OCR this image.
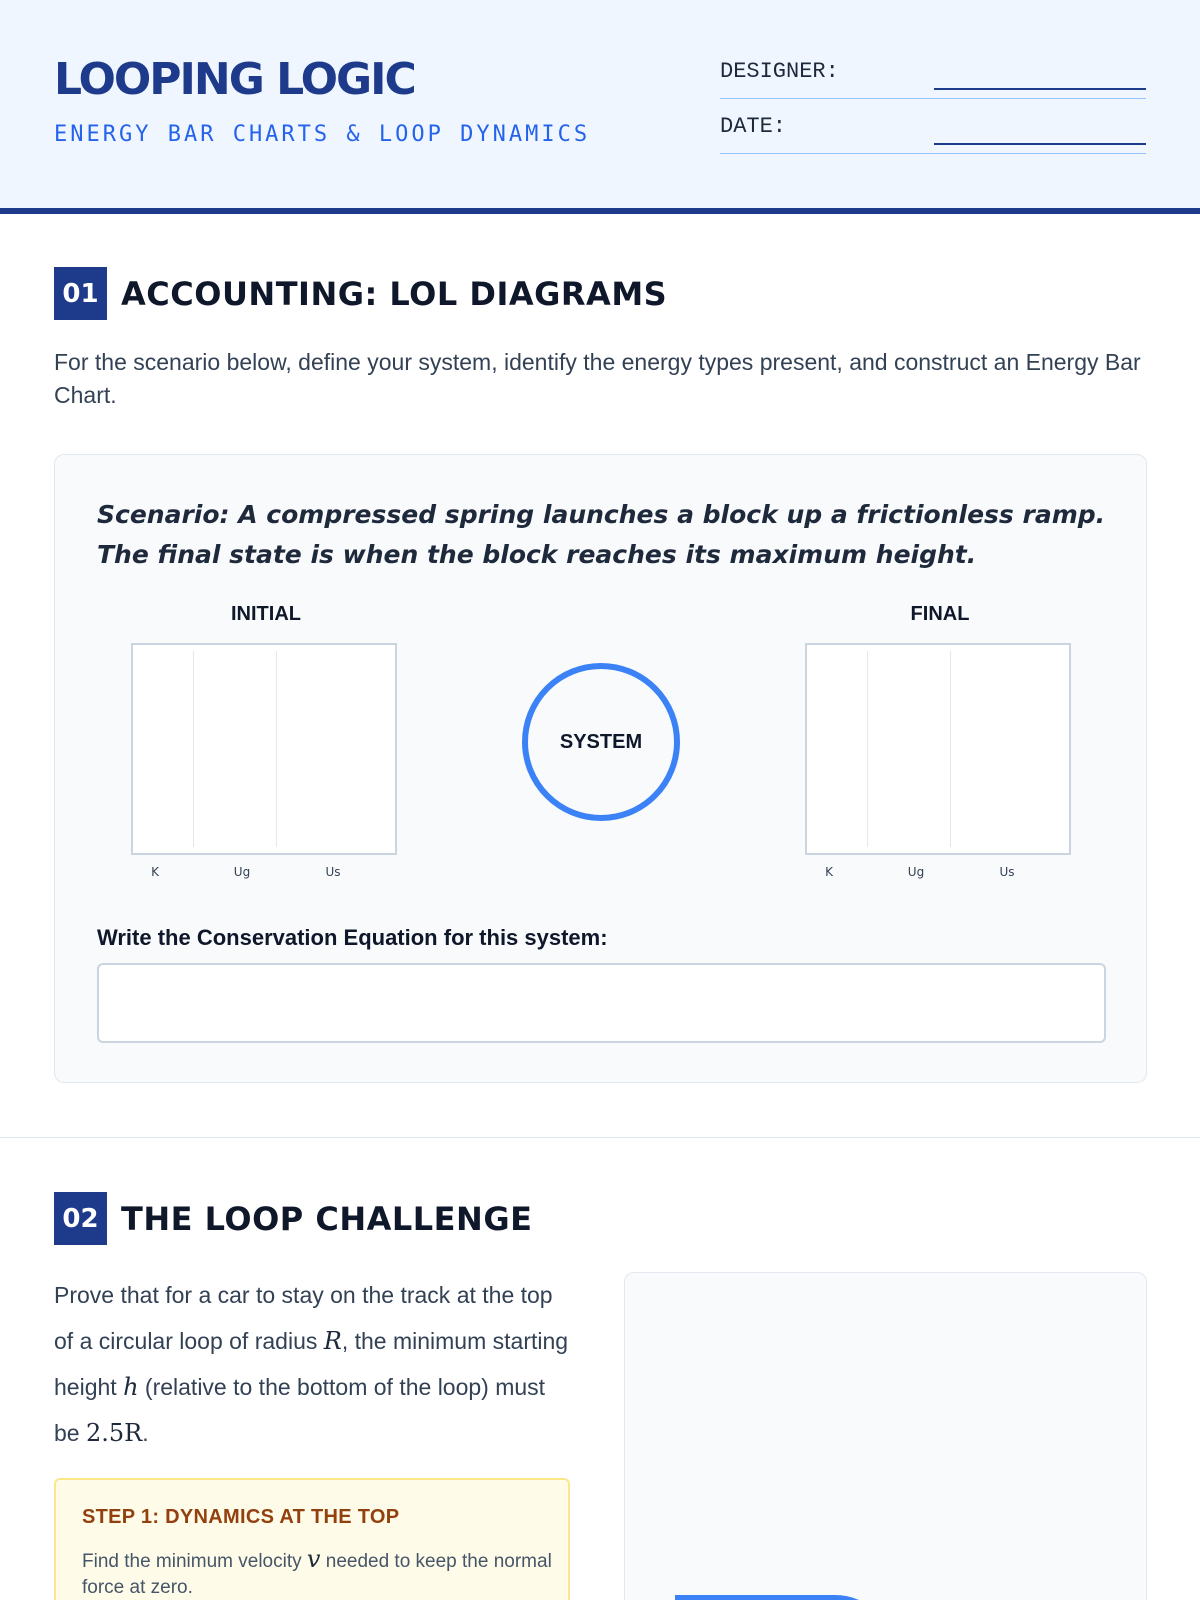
LOOPING LOGIC
ENERGY BAR CHARTS & LOOP DYNAMICS
DESIGNER:
DATE:
01 ACCOUNTING: LOL DIAGRAMS

For the scenario below, define your system, identify the energy types present, and construct an Energy Bar Chart.

Scenario: A compressed spring launches a block up a frictionless ramp. The final state is when the block reaches its maximum height.

INITIAL
K	Ug	Us
SYSTEM
FINAL
K	Ug	Us
Write the Conservation Equation for this system:
02 THE LOOP CHALLENGE

Prove that for a car to stay on the track at the top of a circular loop of radius R, the minimum starting height h (relative to the bottom of the loop) must be 2.5R.

STEP 1: DYNAMICS AT THE TOP

Find the minimum velocity v needed to keep the normal force at zero.
